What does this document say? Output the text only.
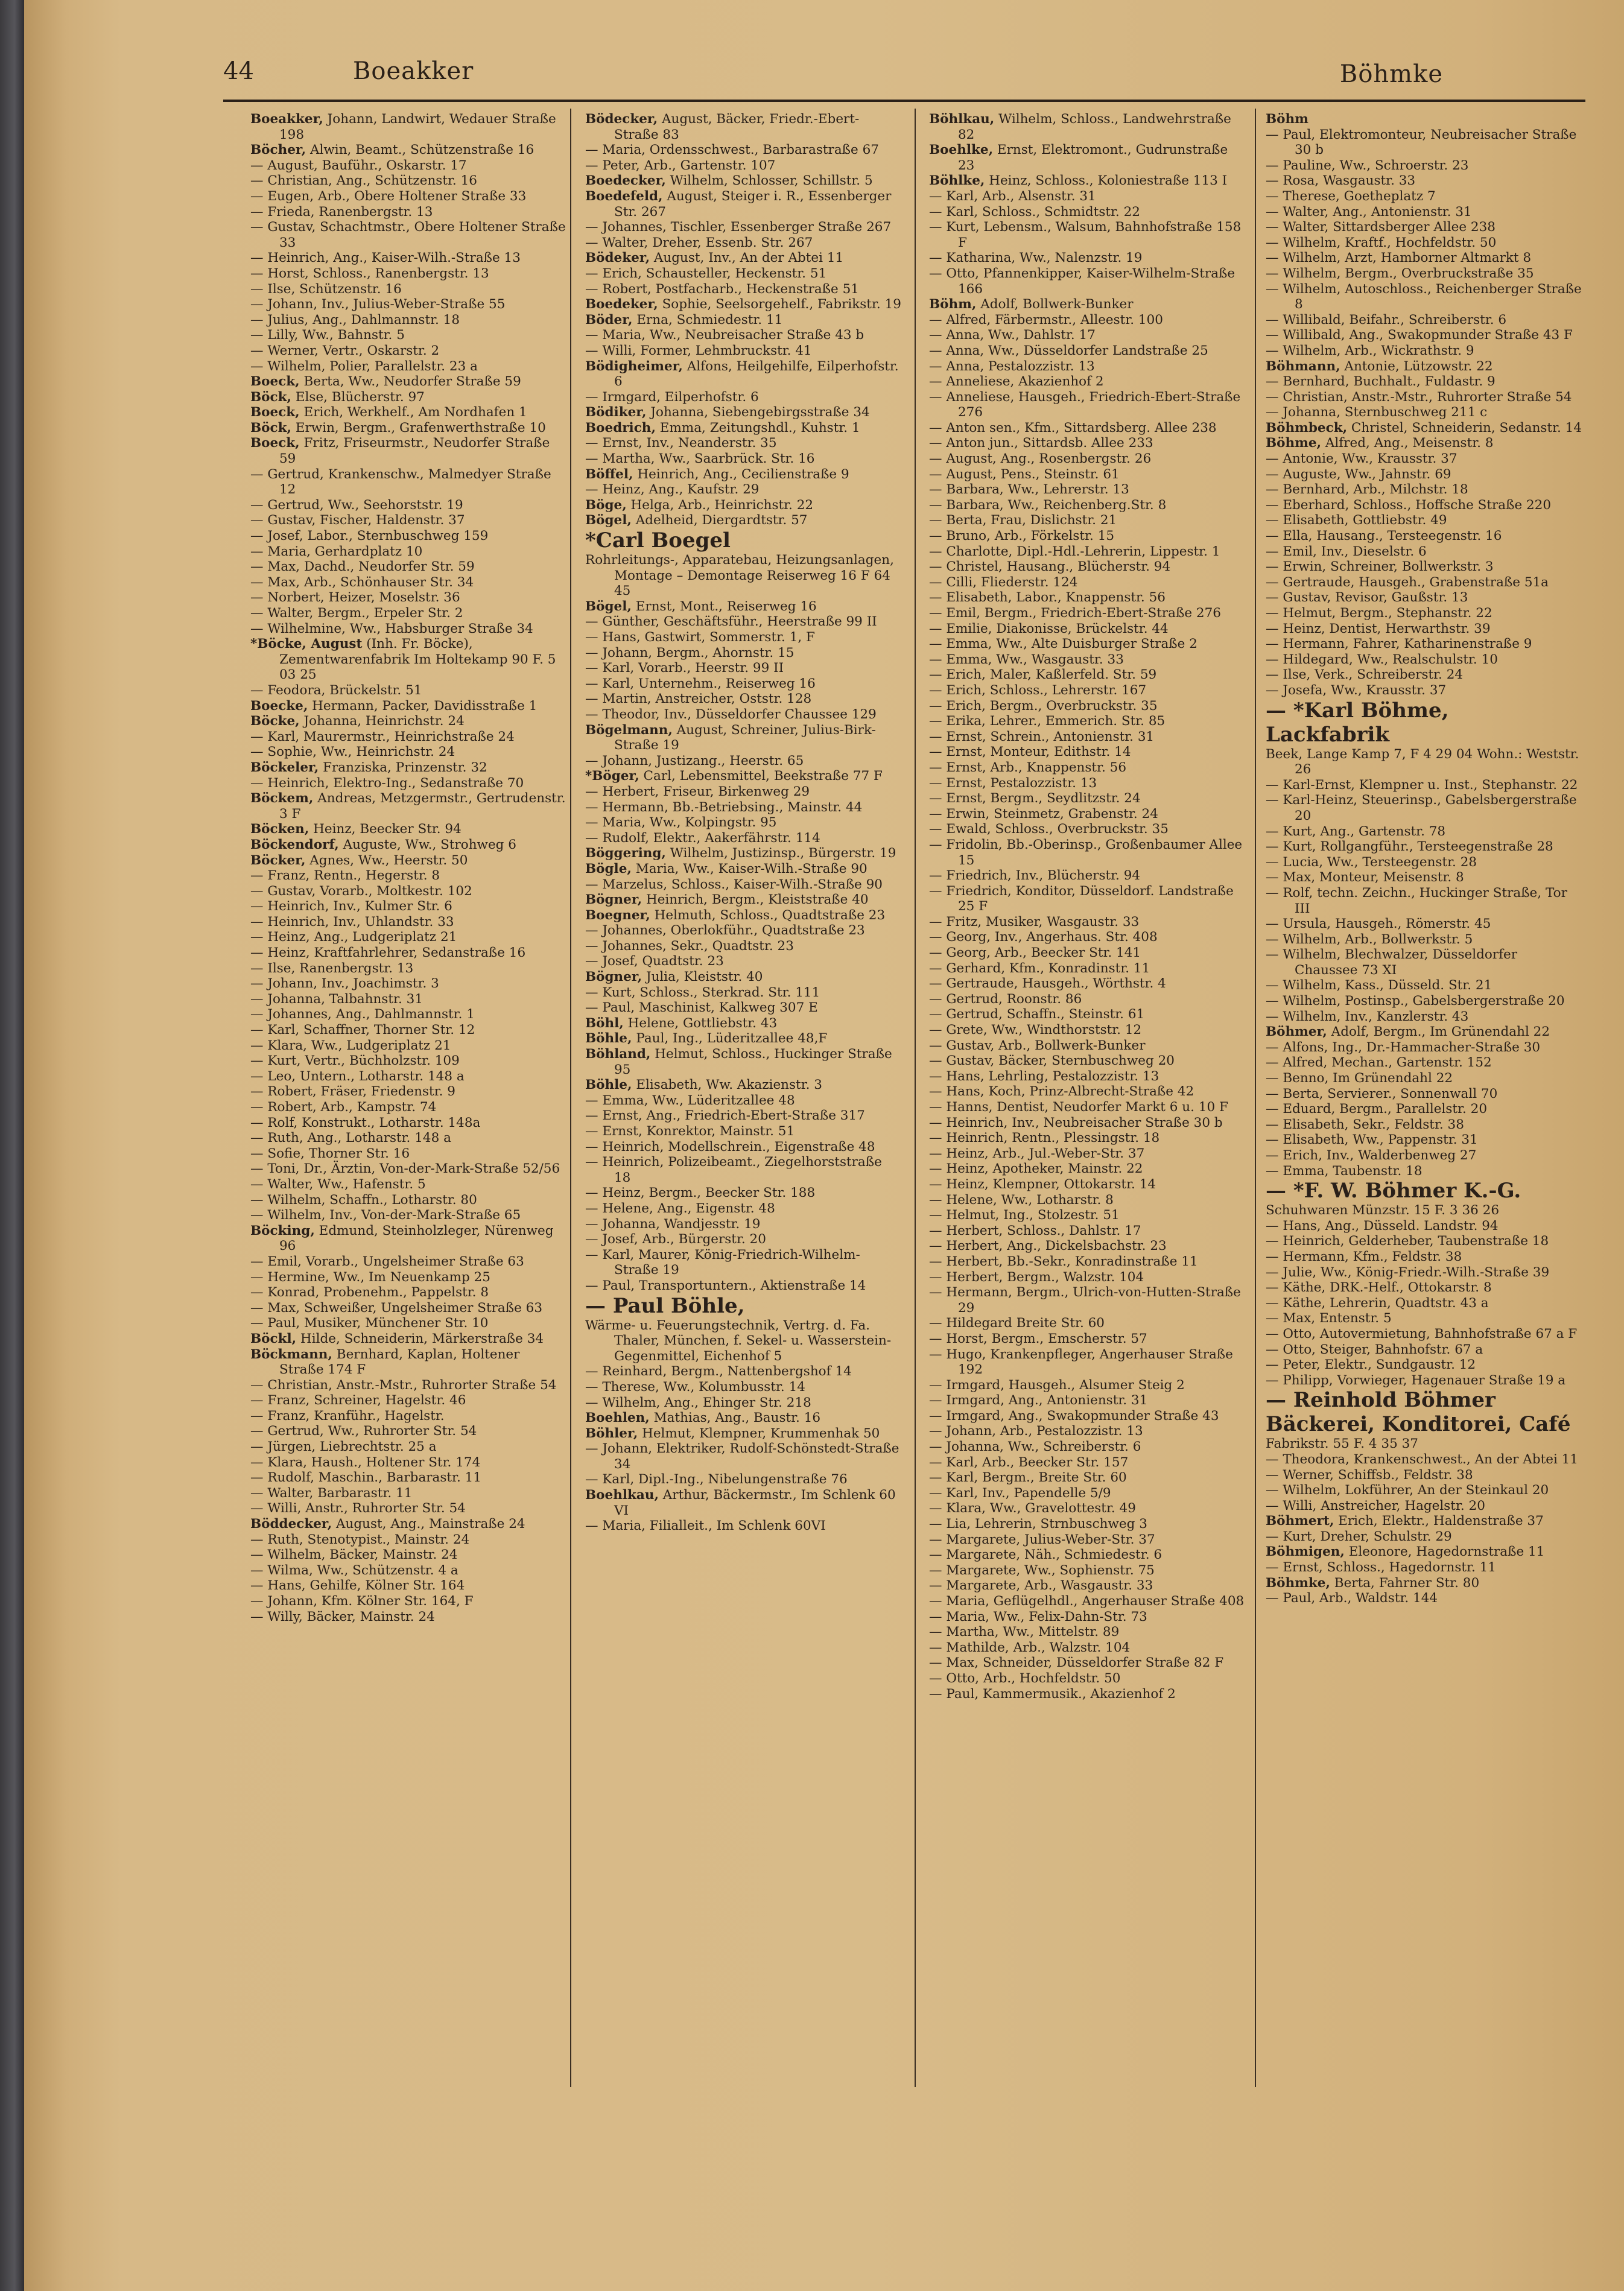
44	Boeakker	Böhmke
Boeakker, Johann, Landwirt, Wedauer Straße 198
Böcher, Alwin, Beamt., Schützenstraße 16
— August, Bauführ., Oskarstr. 17
— Christian, Ang., Schützenstr. 16
— Eugen, Arb., Obere Holtener Straße 33
— Frieda, Ranenbergstr. 13
— Gustav, Schachtmstr., Obere Holtener Straße 33
— Heinrich, Ang., Kaiser-Wilh.-Straße 13
— Horst, Schloss., Ranenbergstr. 13
— Ilse, Schützenstr. 16
— Johann, Inv., Julius-Weber-Straße 55
— Julius, Ang., Dahlmannstr. 18
— Lilly, Ww., Bahnstr. 5
— Werner, Vertr., Oskarstr. 2
— Wilhelm, Polier, Parallelstr. 23 a
Boeck, Berta, Ww., Neudorfer Straße 59
Böck, Else, Blücherstr. 97
Boeck, Erich, Werkhelf., Am Nordhafen 1
Böck, Erwin, Bergm., Grafenwerthstraße 10
Boeck, Fritz, Friseurmstr., Neudorfer Straße 59
— Gertrud, Krankenschw., Malmedyer Straße 12
— Gertrud, Ww., Seehorststr. 19
— Gustav, Fischer, Haldenstr. 37
— Josef, Labor., Sternbuschweg 159
— Maria, Gerhardplatz 10
— Max, Dachd., Neudorfer Str. 59
— Max, Arb., Schönhauser Str. 34
— Norbert, Heizer, Moselstr. 36
— Walter, Bergm., Erpeler Str. 2
— Wilhelmine, Ww., Habsburger Straße 34
*Böcke, August (Inh. Fr. Böcke), Zementwarenfabrik Im Holtekamp 90 F. 5 03 25
— Feodora, Brückelstr. 51
Boecke, Hermann, Packer, Davidisstraße 1
Böcke, Johanna, Heinrichstr. 24
— Karl, Maurermstr., Heinrichstraße 24
— Sophie, Ww., Heinrichstr. 24
Böckeler, Franziska, Prinzenstr. 32
— Heinrich, Elektro-Ing., Sedanstraße 70
Böckem, Andreas, Metzgermstr., Gertrudenstr. 3 F
Böcken, Heinz, Beecker Str. 94
Böckendorf, Auguste, Ww., Strohweg 6
Böcker, Agnes, Ww., Heerstr. 50
— Franz, Rentn., Hegerstr. 8
— Gustav, Vorarb., Moltkestr. 102
— Heinrich, Inv., Kulmer Str. 6
— Heinrich, Inv., Uhlandstr. 33
— Heinz, Ang., Ludgeriplatz 21
— Heinz, Kraftfahrlehrer, Sedanstraße 16
— Ilse, Ranenbergstr. 13
— Johann, Inv., Joachimstr. 3
— Johanna, Talbahnstr. 31
— Johannes, Ang., Dahlmannstr. 1
— Karl, Schaffner, Thorner Str. 12
— Klara, Ww., Ludgeriplatz 21
— Kurt, Vertr., Büchholzstr. 109
— Leo, Untern., Lotharstr. 148 a
— Robert, Fräser, Friedenstr. 9
— Robert, Arb., Kampstr. 74
— Rolf, Konstrukt., Lotharstr. 148a
— Ruth, Ang., Lotharstr. 148 a
— Sofie, Thorner Str. 16
— Toni, Dr., Ärztin, Von-der-Mark-Straße 52/56
— Walter, Ww., Hafenstr. 5
— Wilhelm, Schaffn., Lotharstr. 80
— Wilhelm, Inv., Von-der-Mark-Straße 65
Böcking, Edmund, Steinholzleger, Nürenweg 96
— Emil, Vorarb., Ungelsheimer Straße 63
— Hermine, Ww., Im Neuenkamp 25
— Konrad, Probenehm., Pappelstr. 8
— Max, Schweißer, Ungelsheimer Straße 63
— Paul, Musiker, Münchener Str. 10
Böckl, Hilde, Schneiderin, Märkerstraße 34
Böckmann, Bernhard, Kaplan, Holtener Straße 174 F
— Christian, Anstr.-Mstr., Ruhrorter Straße 54
— Franz, Schreiner, Hagelstr. 46
— Franz, Kranführ., Hagelstr.
— Gertrud, Ww., Ruhrorter Str. 54
— Jürgen, Liebrechtstr. 25 a
— Klara, Haush., Holtener Str. 174
— Rudolf, Maschin., Barbarastr. 11
— Walter, Barbarastr. 11
— Willi, Anstr., Ruhrorter Str. 54
Böddecker, August, Ang., Mainstraße 24
— Ruth, Stenotypist., Mainstr. 24
— Wilhelm, Bäcker, Mainstr. 24
— Wilma, Ww., Schützenstr. 4 a
— Hans, Gehilfe, Kölner Str. 164
— Johann, Kfm. Kölner Str. 164, F
— Willy, Bäcker, Mainstr. 24
Bödecker, August, Bäcker, Friedr.-Ebert-Straße 83
— Maria, Ordensschwest., Barbarastraße 67
— Peter, Arb., Gartenstr. 107
Boedecker, Wilhelm, Schlosser, Schillstr. 5
Boedefeld, August, Steiger i. R., Essenberger Str. 267
— Johannes, Tischler, Essenberger Straße 267
— Walter, Dreher, Essenb. Str. 267
Bödeker, August, Inv., An der Abtei 11
— Erich, Schausteller, Heckenstr. 51
— Robert, Postfacharb., Heckenstraße 51
Boedeker, Sophie, Seelsorgehelf., Fabrikstr. 19
Böder, Erna, Schmiedestr. 11
— Maria, Ww., Neubreisacher Straße 43 b
— Willi, Former, Lehmbruckstr. 41
Bödigheimer, Alfons, Heilgehilfe, Eilperhofstr. 6
— Irmgard, Eilperhofstr. 6
Bödiker, Johanna, Siebengebirgsstraße 34
Boedrich, Emma, Zeitungshdl., Kuhstr. 1
— Ernst, Inv., Neanderstr. 35
— Martha, Ww., Saarbrück. Str. 16
Böffel, Heinrich, Ang., Cecilienstraße 9
— Heinz, Ang., Kaufstr. 29
Böge, Helga, Arb., Heinrichstr. 22
Bögel, Adelheid, Diergardtstr. 57
*Carl Boegel
Rohrleitungs-, Apparatebau, Heizungsanlagen, Montage – Demontage Reiserweg 16 F 64 45
Bögel, Ernst, Mont., Reiserweg 16
— Günther, Geschäftsführ., Heerstraße 99 II
— Hans, Gastwirt, Sommerstr. 1, F
— Johann, Bergm., Ahornstr. 15
— Karl, Vorarb., Heerstr. 99 II
— Karl, Unternehm., Reiserweg 16
— Martin, Anstreicher, Oststr. 128
— Theodor, Inv., Düsseldorfer Chaussee 129
Bögelmann, August, Schreiner, Julius-Birk-Straße 19
— Johann, Justizang., Heerstr. 65
*Böger, Carl, Lebensmittel, Beekstraße 77 F
— Herbert, Friseur, Birkenweg 29
— Hermann, Bb.-Betriebsing., Mainstr. 44
— Maria, Ww., Kolpingstr. 95
— Rudolf, Elektr., Aakerfährstr. 114
Böggering, Wilhelm, Justizinsp., Bürgerstr. 19
Bögle, Maria, Ww., Kaiser-Wilh.-Straße 90
— Marzelus, Schloss., Kaiser-Wilh.-Straße 90
Bögner, Heinrich, Bergm., Kleiststraße 40
Boegner, Helmuth, Schloss., Quadtstraße 23
— Johannes, Oberlokführ., Quadtstraße 23
— Johannes, Sekr., Quadtstr. 23
— Josef, Quadtstr. 23
Bögner, Julia, Kleiststr. 40
— Kurt, Schloss., Sterkrad. Str. 111
— Paul, Maschinist, Kalkweg 307 E
Böhl, Helene, Gottliebstr. 43
Böhle, Paul, Ing., Lüderitzallee 48,F
Böhland, Helmut, Schloss., Huckinger Straße 95
Böhle, Elisabeth, Ww. Akazienstr. 3
— Emma, Ww., Lüderitzallee 48
— Ernst, Ang., Friedrich-Ebert-Straße 317
— Ernst, Konrektor, Mainstr. 51
— Heinrich, Modellschrein., Eigenstraße 48
— Heinrich, Polizeibeamt., Ziegelhorststraße 18
— Heinz, Bergm., Beecker Str. 188
— Helene, Ang., Eigenstr. 48
— Johanna, Wandjesstr. 19
— Josef, Arb., Bürgerstr. 20
— Karl, Maurer, König-Friedrich-Wilhelm-Straße 19
— Paul, Transportuntern., Aktienstraße 14
— Paul Böhle,
Wärme- u. Feuerungstechnik, Vertrg. d. Fa. Thaler, München, f. Sekel- u. Wasserstein-Gegenmittel, Eichenhof 5
— Reinhard, Bergm., Nattenbergshof 14
— Therese, Ww., Kolumbusstr. 14
— Wilhelm, Ang., Ehinger Str. 218
Boehlen, Mathias, Ang., Baustr. 16
Böhler, Helmut, Klempner, Krummenhak 50
— Johann, Elektriker, Rudolf-Schönstedt-Straße 34
— Karl, Dipl.-Ing., Nibelungenstraße 76
Boehlkau, Arthur, Bäckermstr., Im Schlenk 60 VI
— Maria, Filialleit., Im Schlenk 60VI
Böhlkau, Wilhelm, Schloss., Landwehrstraße 82
Boehlke, Ernst, Elektromont., Gudrunstraße 23
Böhlke, Heinz, Schloss., Koloniestraße 113 I
— Karl, Arb., Alsenstr. 31
— Karl, Schloss., Schmidtstr. 22
— Kurt, Lebensm., Walsum, Bahnhofstraße 158 F
— Katharina, Ww., Nalenzstr. 19
— Otto, Pfannenkipper, Kaiser-Wilhelm-Straße 166
Böhm, Adolf, Bollwerk-Bunker
— Alfred, Färbermstr., Alleestr. 100
— Anna, Ww., Dahlstr. 17
— Anna, Ww., Düsseldorfer Landstraße 25
— Anna, Pestalozzistr. 13
— Anneliese, Akazienhof 2
— Anneliese, Hausgeh., Friedrich-Ebert-Straße 276
— Anton sen., Kfm., Sittardsberg. Allee 238
— Anton jun., Sittardsb. Allee 233
— August, Ang., Rosenbergstr. 26
— August, Pens., Steinstr. 61
— Barbara, Ww., Lehrerstr. 13
— Barbara, Ww., Reichenberg.Str. 8
— Berta, Frau, Dislichstr. 21
— Bruno, Arb., Förkelstr. 15
— Charlotte, Dipl.-Hdl.-Lehrerin, Lippestr. 1
— Christel, Hausang., Blücherstr. 94
— Cilli, Fliederstr. 124
— Elisabeth, Labor., Knappenstr. 56
— Emil, Bergm., Friedrich-Ebert-Straße 276
— Emilie, Diakonisse, Brückelstr. 44
— Emma, Ww., Alte Duisburger Straße 2
— Emma, Ww., Wasgaustr. 33
— Erich, Maler, Kaßlerfeld. Str. 59
— Erich, Schloss., Lehrerstr. 167
— Erich, Bergm., Overbruckstr. 35
— Erika, Lehrer., Emmerich. Str. 85
— Ernst, Schrein., Antonienstr. 31
— Ernst, Monteur, Edithstr. 14
— Ernst, Arb., Knappenstr. 56
— Ernst, Pestalozzistr. 13
— Ernst, Bergm., Seydlitzstr. 24
— Erwin, Steinmetz, Grabenstr. 24
— Ewald, Schloss., Overbruckstr. 35
— Fridolin, Bb.-Oberinsp., Großenbaumer Allee 15
— Friedrich, Inv., Blücherstr. 94
— Friedrich, Konditor, Düsseldorf. Landstraße 25 F
— Fritz, Musiker, Wasgaustr. 33
— Georg, Inv., Angerhaus. Str. 408
— Georg, Arb., Beecker Str. 141
— Gerhard, Kfm., Konradinstr. 11
— Gertraude, Hausgeh., Wörthstr. 4
— Gertrud, Roonstr. 86
— Gertrud, Schaffn., Steinstr. 61
— Grete, Ww., Windthorststr. 12
— Gustav, Arb., Bollwerk-Bunker
— Gustav, Bäcker, Sternbuschweg 20
— Hans, Lehrling, Pestalozzistr. 13
— Hans, Koch, Prinz-Albrecht-Straße 42
— Hanns, Dentist, Neudorfer Markt 6 u. 10 F
— Heinrich, Inv., Neubreisacher Straße 30 b
— Heinrich, Rentn., Plessingstr. 18
— Heinz, Arb., Jul.-Weber-Str. 37
— Heinz, Apotheker, Mainstr. 22
— Heinz, Klempner, Ottokarstr. 14
— Helene, Ww., Lotharstr. 8
— Helmut, Ing., Stolzestr. 51
— Herbert, Schloss., Dahlstr. 17
— Herbert, Ang., Dickelsbachstr. 23
— Herbert, Bb.-Sekr., Konradinstraße 11
— Herbert, Bergm., Walzstr. 104
— Hermann, Bergm., Ulrich-von-Hutten-Straße 29
— Hildegard Breite Str. 60
— Horst, Bergm., Emscherstr. 57
— Hugo, Krankenpfleger, Angerhauser Straße 192
— Irmgard, Hausgeh., Alsumer Steig 2
— Irmgard, Ang., Antonienstr. 31
— Irmgard, Ang., Swakopmunder Straße 43
— Johann, Arb., Pestalozzistr. 13
— Johanna, Ww., Schreiberstr. 6
— Karl, Arb., Beecker Str. 157
— Karl, Bergm., Breite Str. 60
— Karl, Inv., Papendelle 5/9
— Klara, Ww., Gravelottestr. 49
— Lia, Lehrerin, Strnbuschweg 3
— Margarete, Julius-Weber-Str. 37
— Margarete, Näh., Schmiedestr. 6
— Margarete, Ww., Sophienstr. 75
— Margarete, Arb., Wasgaustr. 33
— Maria, Geflügelhdl., Angerhauser Straße 408
— Maria, Ww., Felix-Dahn-Str. 73
— Martha, Ww., Mittelstr. 89
— Mathilde, Arb., Walzstr. 104
— Max, Schneider, Düsseldorfer Straße 82 F
— Otto, Arb., Hochfeldstr. 50
— Paul, Kammermusik., Akazienhof 2
Böhm
— Paul, Elektromonteur, Neubreisacher Straße 30 b
— Pauline, Ww., Schroerstr. 23
— Rosa, Wasgaustr. 33
— Therese, Goetheplatz 7
— Walter, Ang., Antonienstr. 31
— Walter, Sittardsberger Allee 238
— Wilhelm, Kraftf., Hochfeldstr. 50
— Wilhelm, Arzt, Hamborner Altmarkt 8
— Wilhelm, Bergm., Overbruckstraße 35
— Wilhelm, Autoschloss., Reichenberger Straße 8
— Willibald, Beifahr., Schreiberstr. 6
— Willibald, Ang., Swakopmunder Straße 43 F
— Wilhelm, Arb., Wickrathstr. 9
Böhmann, Antonie, Lützowstr. 22
— Bernhard, Buchhalt., Fuldastr. 9
— Christian, Anstr.-Mstr., Ruhrorter Straße 54
— Johanna, Sternbuschweg 211 c
Böhmbeck, Christel, Schneiderin, Sedanstr. 14
Böhme, Alfred, Ang., Meisenstr. 8
— Antonie, Ww., Krausstr. 37
— Auguste, Ww., Jahnstr. 69
— Bernhard, Arb., Milchstr. 18
— Eberhard, Schloss., Hoffsche Straße 220
— Elisabeth, Gottliebstr. 49
— Ella, Hausang., Tersteegenstr. 16
— Emil, Inv., Dieselstr. 6
— Erwin, Schreiner, Bollwerkstr. 3
— Gertraude, Hausgeh., Grabenstraße 51a
— Gustav, Revisor, Gaußstr. 13
— Helmut, Bergm., Stephanstr. 22
— Heinz, Dentist, Herwarthstr. 39
— Hermann, Fahrer, Katharinenstraße 9
— Hildegard, Ww., Realschulstr. 10
— Ilse, Verk., Schreiberstr. 24
— Josefa, Ww., Krausstr. 37
— *Karl Böhme,
Lackfabrik
Beek, Lange Kamp 7, F 4 29 04 Wohn.: Weststr. 26
— Karl-Ernst, Klempner u. Inst., Stephanstr. 22
— Karl-Heinz, Steuerinsp., Gabelsbergerstraße 20
— Kurt, Ang., Gartenstr. 78
— Kurt, Rollgangführ., Tersteegenstraße 28
— Lucia, Ww., Tersteegenstr. 28
— Max, Monteur, Meisenstr. 8
— Rolf, techn. Zeichn., Huckinger Straße, Tor III
— Ursula, Hausgeh., Römerstr. 45
— Wilhelm, Arb., Bollwerkstr. 5
— Wilhelm, Blechwalzer, Düsseldorfer Chaussee 73 XI
— Wilhelm, Kass., Düsseld. Str. 21
— Wilhelm, Postinsp., Gabelsbergerstraße 20
— Wilhelm, Inv., Kanzlerstr. 43
Böhmer, Adolf, Bergm., Im Grünendahl 22
— Alfons, Ing., Dr.-Hammacher-Straße 30
— Alfred, Mechan., Gartenstr. 152
— Benno, Im Grünendahl 22
— Berta, Servierer., Sonnenwall 70
— Eduard, Bergm., Parallelstr. 20
— Elisabeth, Sekr., Feldstr. 38
— Elisabeth, Ww., Pappenstr. 31
— Erich, Inv., Walderbenweg 27
— Emma, Taubenstr. 18
— *F. W. Böhmer K.-G.
Schuhwaren Münzstr. 15 F. 3 36 26
— Hans, Ang., Düsseld. Landstr. 94
— Heinrich, Gelderheber, Taubenstraße 18
— Hermann, Kfm., Feldstr. 38
— Julie, Ww., König-Friedr.-Wilh.-Straße 39
— Käthe, DRK.-Helf., Ottokarstr. 8
— Käthe, Lehrerin, Quadtstr. 43 a
— Max, Entenstr. 5
— Otto, Autovermietung, Bahnhofstraße 67 a F
— Otto, Steiger, Bahnhofstr. 67 a
— Peter, Elektr., Sundgaustr. 12
— Philipp, Vorwieger, Hagenauer Straße 19 a
— Reinhold Böhmer
Bäckerei, Konditorei, Café
Fabrikstr. 55 F. 4 35 37
— Theodora, Krankenschwest., An der Abtei 11
— Werner, Schiffsb., Feldstr. 38
— Wilhelm, Lokführer, An der Steinkaul 20
— Willi, Anstreicher, Hagelstr. 20
Böhmert, Erich, Elektr., Haldenstraße 37
— Kurt, Dreher, Schulstr. 29
Böhmigen, Eleonore, Hagedornstraße 11
— Ernst, Schloss., Hagedornstr. 11
Böhmke, Berta, Fahrner Str. 80
— Paul, Arb., Waldstr. 144
